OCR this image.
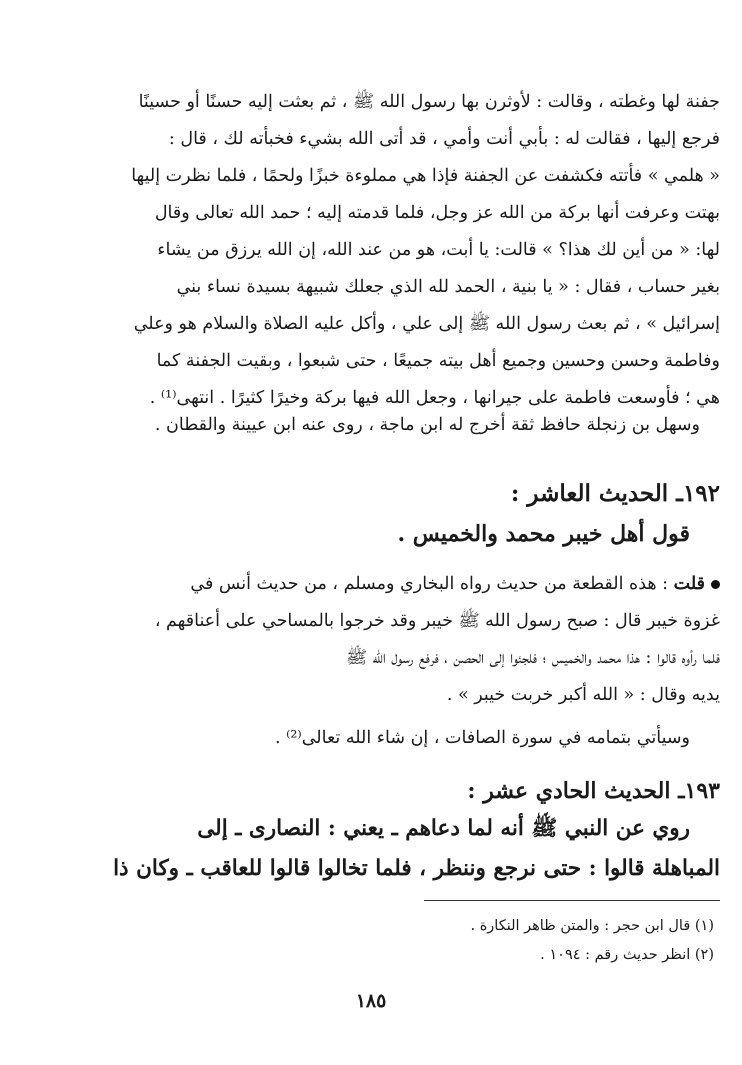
جفنة لها وغطته ، وقالت : لأوثرن بها رسول الله ﷺ ، ثم بعثت إليه حسنًا أو حسينًا
فرجع إليها ، فقالت له : بأبي أنت وأمي ، قد أتى الله بشيء فخبأته لك ، قال :
« هلمي » فأتته فكشفت عن الجفنة فإذا هي مملوءة خبزًا ولحمًا ، فلما نظرت إليها
بهتت وعرفت أنها بركة من الله عز وجل، فلما قدمته إليه ؛ حمد الله تعالى وقال
لها: « من أين لك هذا؟ » قالت: يا أبت، هو من عند الله، إن الله يرزق من يشاء
بغير حساب ، فقال : « يا بنية ، الحمد لله الذي جعلك شبيهة بسيدة نساء بني
إسرائيل » ، ثم بعث رسول الله ﷺ إلى علي ، وأكل عليه الصلاة والسلام هو وعلي
وفاطمة وحسن وحسين وجميع أهل بيته جميعًا ، حتى شبعوا ، وبقيت الجفنة كما
هي ؛ فأوسعت فاطمة على جيرانها ، وجعل الله فيها بركة وخيرًا كثيرًا . انتهى⁽¹⁾ .
وسهل بن زنجلة حافظ ثقة أخرج له ابن ماجة ، روى عنه ابن عيينة والقطان .
١٩٢ـ الحديث العاشر :
قول أهل خيبر محمد والخميس .
قلت : هذه القطعة من حديث رواه البخاري ومسلم ، من حديث أنس في
غزوة خيبر قال : صبح رسول الله ﷺ خيبر وقد خرجوا بالمساحي على أعناقهم ،
فلما رأوه قالوا : هذا محمد والخميس ؛ فلجئوا إلى الحصن ، فرفع رسول الله ﷺ
يديه وقال : « الله أكبر خربت خيبر » .
وسيأتي بتمامه في سورة الصافات ، إن شاء الله تعالى⁽²⁾ .
١٩٣ـ الحديث الحادي عشر :
روي عن النبي ﷺ أنه لما دعاهم ـ يعني : النصارى ـ إلى
المباهلة قالوا : حتى نرجع وننظر ، فلما تخالوا قالوا للعاقب ـ وكان ذا
(١) قال ابن حجر : والمتن ظاهر النكارة .
(٢) انظر حديث رقم : ١٠٩٤ .
١٨٥
